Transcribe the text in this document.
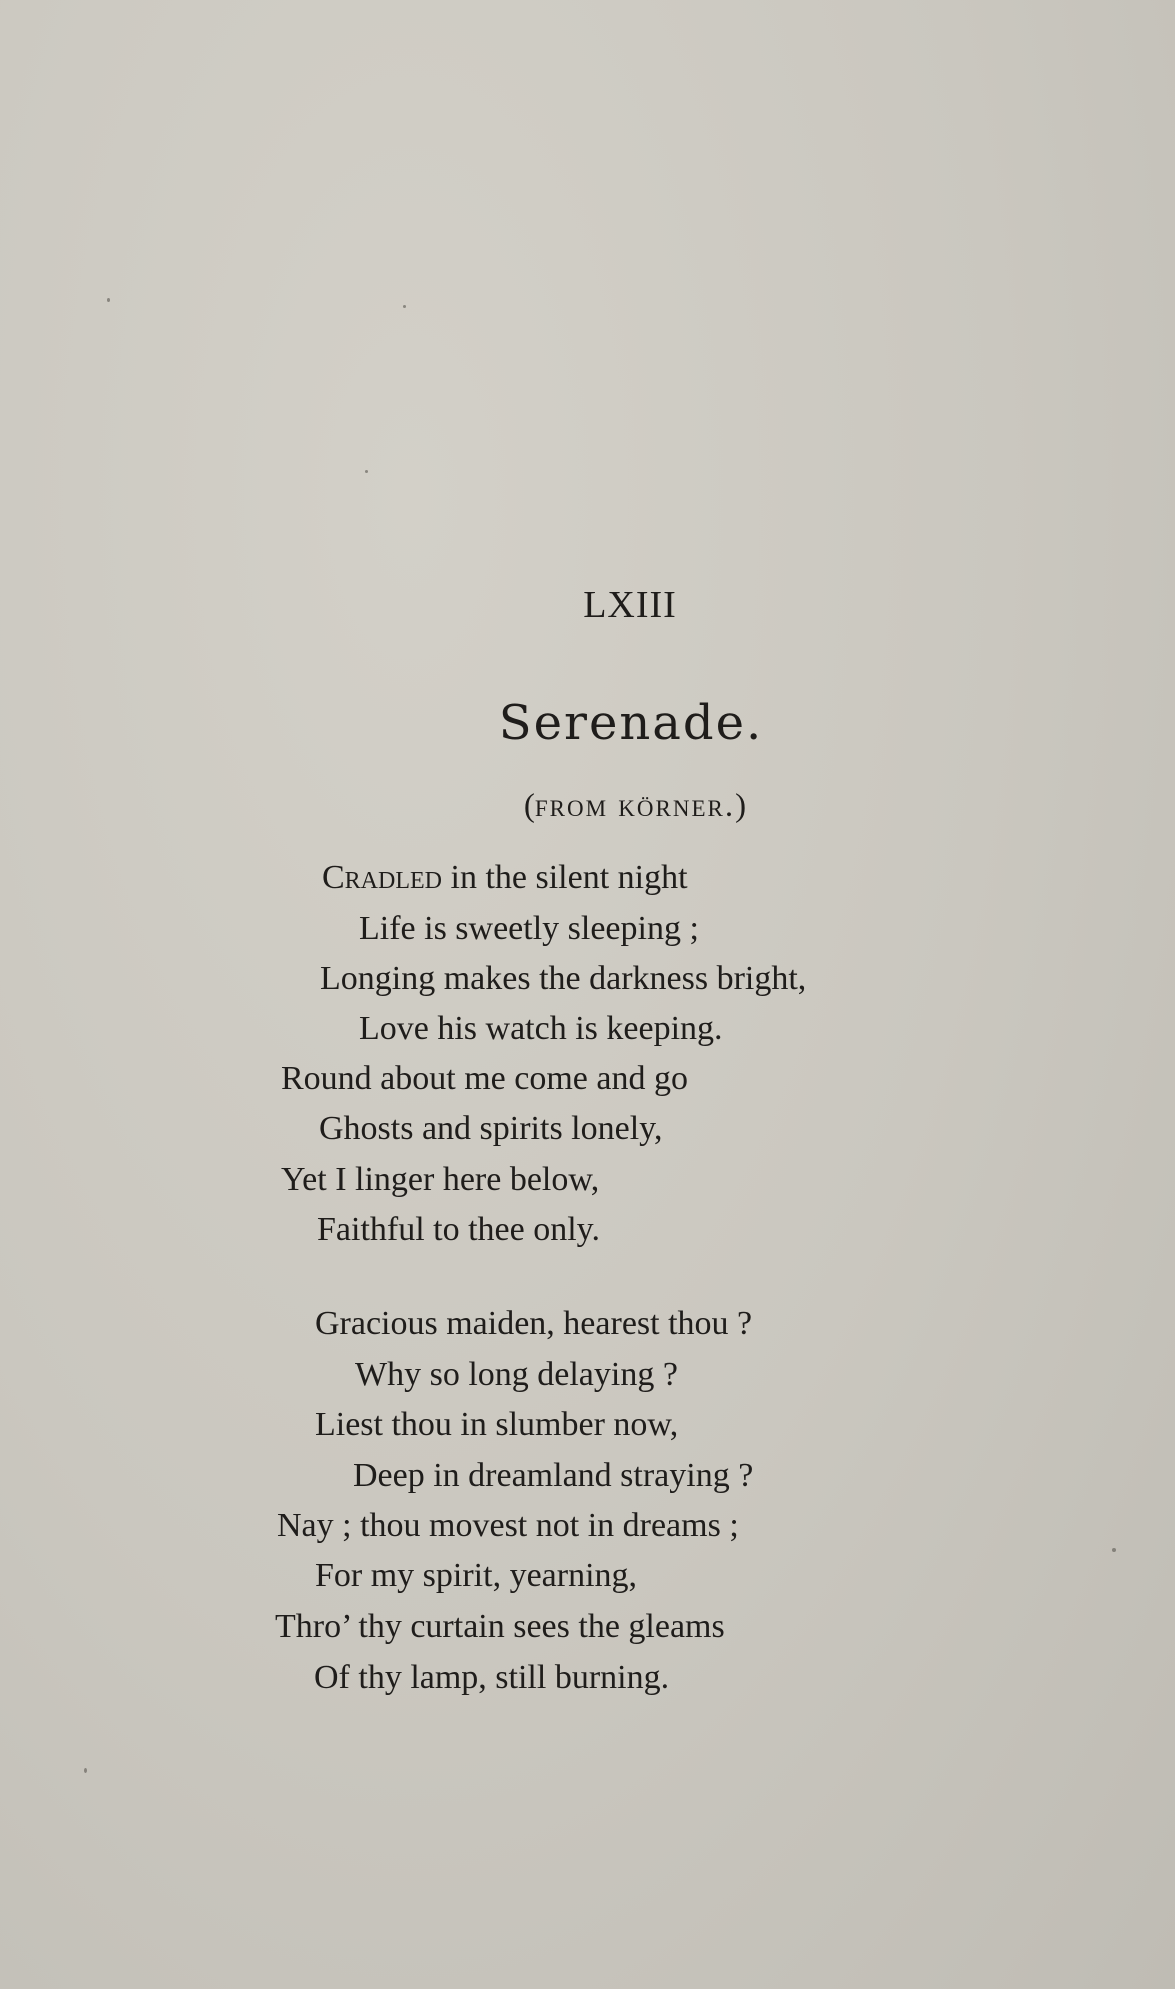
LXIII
Serenade.
(from körner.)
Cradled in the silent night
Life is sweetly sleeping ;
Longing makes the darkness bright,
Love his watch is keeping.
Round about me come and go
Ghosts and spirits lonely,
Yet I linger here below,
Faithful to thee only.
Gracious maiden, hearest thou ?
Why so long delaying ?
Liest thou in slumber now,
Deep in dreamland straying ?
Nay ; thou movest not in dreams ;
For my spirit, yearning,
Thro’ thy curtain sees the gleams
Of thy lamp, still burning.
